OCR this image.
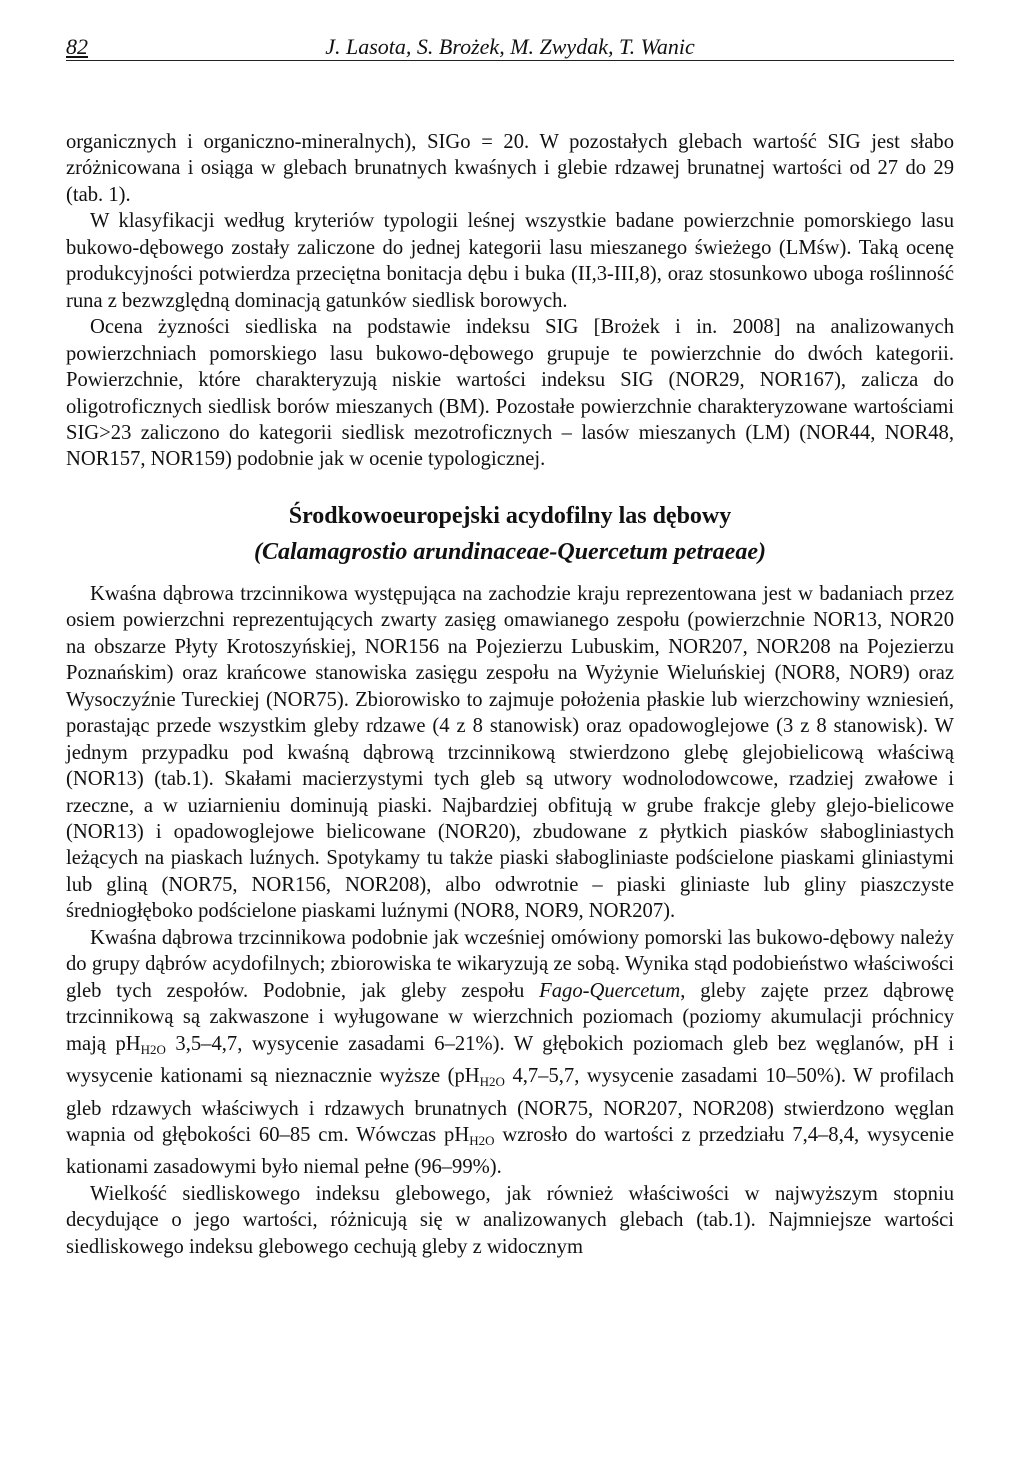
82	J. Lasota, S. Brożek, M. Zwydak, T. Wanic

organicznych i organiczno-mineralnych), SIGo = 20. W pozostałych glebach wartość SIG jest słabo zróżnicowana i osiąga w glebach brunatnych kwaśnych i glebie rdzawej brunatnej wartości od 27 do 29 (tab. 1).

W klasyfikacji według kryteriów typologii leśnej wszystkie badane powierzchnie pomorskiego lasu bukowo-dębowego zostały zaliczone do jednej kategorii lasu mieszanego świeżego (LMśw). Taką ocenę produkcyjności potwierdza przeciętna bonitacja dębu i buka (II,3-III,8), oraz stosunkowo uboga roślinność runa z bezwzględną dominacją gatunków siedlisk borowych.

Ocena żyzności siedliska na podstawie indeksu SIG [Brożek i in. 2008] na analizowanych powierzchniach pomorskiego lasu bukowo-dębowego grupuje te powierzchnie do dwóch kategorii. Powierzchnie, które charakteryzują niskie wartości indeksu SIG (NOR29, NOR167), zalicza do oligotroficznych siedlisk borów mieszanych (BM). Pozostałe powierzchnie charakteryzowane wartościami SIG>23 zaliczono do kategorii siedlisk mezotroficznych – lasów mieszanych (LM) (NOR44, NOR48, NOR157, NOR159) podobnie jak w ocenie typologicznej.

Środkowoeuropejski acydofilny las dębowy
(Calamagrostio arundinaceae-Quercetum petraeae)

Kwaśna dąbrowa trzcinnikowa występująca na zachodzie kraju reprezentowana jest w badaniach przez osiem powierzchni reprezentujących zwarty zasięg omawianego zespołu (powierzchnie NOR13, NOR20 na obszarze Płyty Krotoszyńskiej, NOR156 na Pojezierzu Lubuskim, NOR207, NOR208 na Pojezierzu Poznańskim) oraz krańcowe stanowiska zasięgu zespołu na Wyżynie Wieluńskiej (NOR8, NOR9) oraz Wysoczyźnie Tureckiej (NOR75). Zbiorowisko to zajmuje położenia płaskie lub wierzchowiny wzniesień, porastając przede wszystkim gleby rdzawe (4 z 8 stanowisk) oraz opadowoglejowe (3 z 8 stanowisk). W jednym przypadku pod kwaśną dąbrową trzcinnikową stwierdzono glebę glejobielicową właściwą (NOR13) (tab.1). Skałami macierzystymi tych gleb są utwory wodnolodowcowe, rzadziej zwałowe i rzeczne, a w uziarnieniu dominują piaski. Najbardziej obfitują w grube frakcje gleby glejo-bielicowe (NOR13) i opadowoglejowe bielicowane (NOR20), zbudowane z płytkich piasków słabogliniastych leżących na piaskach luźnych. Spotykamy tu także piaski słabogliniaste podścielone piaskami gliniastymi lub gliną (NOR75, NOR156, NOR208), albo odwrotnie – piaski gliniaste lub gliny piaszczyste średniogłęboko podścielone piaskami luźnymi (NOR8, NOR9, NOR207).

Kwaśna dąbrowa trzcinnikowa podobnie jak wcześniej omówiony pomorski las bukowo-dębowy należy do grupy dąbrów acydofilnych; zbiorowiska te wikaryzują ze sobą. Wynika stąd podobieństwo właściwości gleb tych zespołów. Podobnie, jak gleby zespołu Fago-Quercetum, gleby zajęte przez dąbrowę trzcinnikową są zakwaszone i wyługowane w wierzchnich poziomach (poziomy akumulacji próchnicy mają $pH_{H2O}$ 3,5–4,7, wysycenie zasadami 6–21%). W głębokich poziomach gleb bez węglanów, pH i wysycenie kationami są nieznacznie wyższe ($pH_{H2O}$ 4,7–5,7, wysycenie zasadami 10–50%). W profilach gleb rdzawych właściwych i rdzawych brunatnych (NOR75, NOR207, NOR208) stwierdzono węglan wapnia od głębokości 60–85 cm. Wówczas $pH_{H2O}$ wzrosło do wartości z przedziału 7,4–8,4, wysycenie kationami zasadowymi było niemal pełne (96–99%).

Wielkość siedliskowego indeksu glebowego, jak również właściwości w najwyższym stopniu decydujące o jego wartości, różnicują się w analizowanych glebach (tab.1). Najmniejsze wartości siedliskowego indeksu glebowego cechują gleby z widocznym
